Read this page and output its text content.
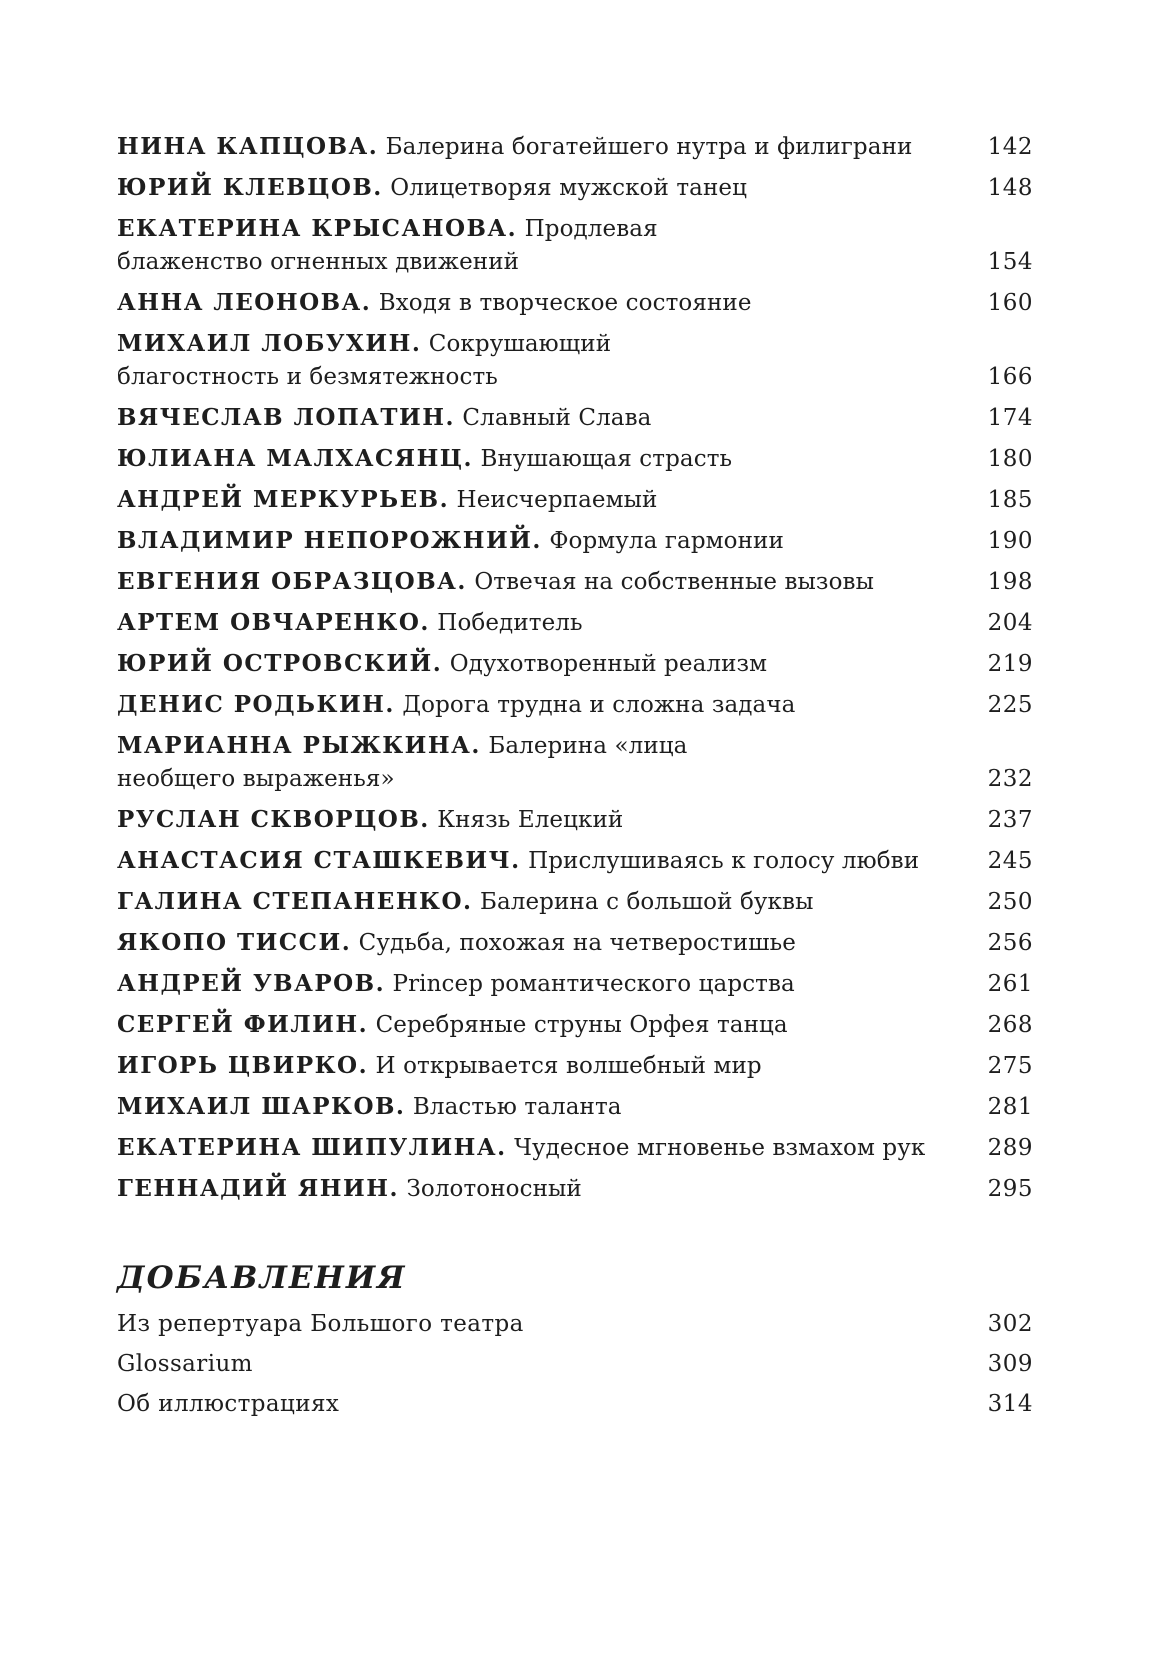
НИНА КАПЦОВА. Балерина богатейшего нутра и филиграни	142
ЮРИЙ КЛЕВЦОВ. Олицетворяя мужской танец	148
ЕКАТЕРИНА КРЫСАНОВА. Продлевая блаженство огненных движений	154
АННА ЛЕОНОВА. Входя в творческое состояние	160
МИХАИЛ ЛОБУХИН. Сокрушающий благостность и безмятежность	166
ВЯЧЕСЛАВ ЛОПАТИН. Славный Слава	174
ЮЛИАНА МАЛХАСЯНЦ. Внушающая страсть	180
АНДРЕЙ МЕРКУРЬЕВ. Неисчерпаемый	185
ВЛАДИМИР НЕПОРОЖНИЙ. Формула гармонии	190
ЕВГЕНИЯ ОБРАЗЦОВА. Отвечая на собственные вызовы	198
АРТЕМ ОВЧАРЕНКО. Победитель	204
ЮРИЙ ОСТРОВСКИЙ. Одухотворенный реализм	219
ДЕНИС РОДЬКИН. Дорога трудна и сложна задача	225
МАРИАННА РЫЖКИНА. Балерина «лица необщего выраженья»	232
РУСЛАН СКВОРЦОВ. Князь Елецкий	237
АНАСТАСИЯ СТАШКЕВИЧ. Прислушиваясь к голосу любви	245
ГАЛИНА СТЕПАНЕНКО. Балерина с большой буквы	250
ЯКОПО ТИССИ. Судьба, похожая на четверостишье	256
АНДРЕЙ УВАРОВ. Princep романтического царства	261
СЕРГЕЙ ФИЛИН. Серебряные струны Орфея танца	268
ИГОРЬ ЦВИРКО. И открывается волшебный мир	275
МИХАИЛ ШАРКОВ. Властью таланта	281
ЕКАТЕРИНА ШИПУЛИНА. Чудесное мгновенье взмахом рук	289
ГЕННАДИЙ ЯНИН. Золотоносный	295
ДОБАВЛЕНИЯ
Из репертуара Большого театра	302
Glossarium	309
Об иллюстрациях	314
